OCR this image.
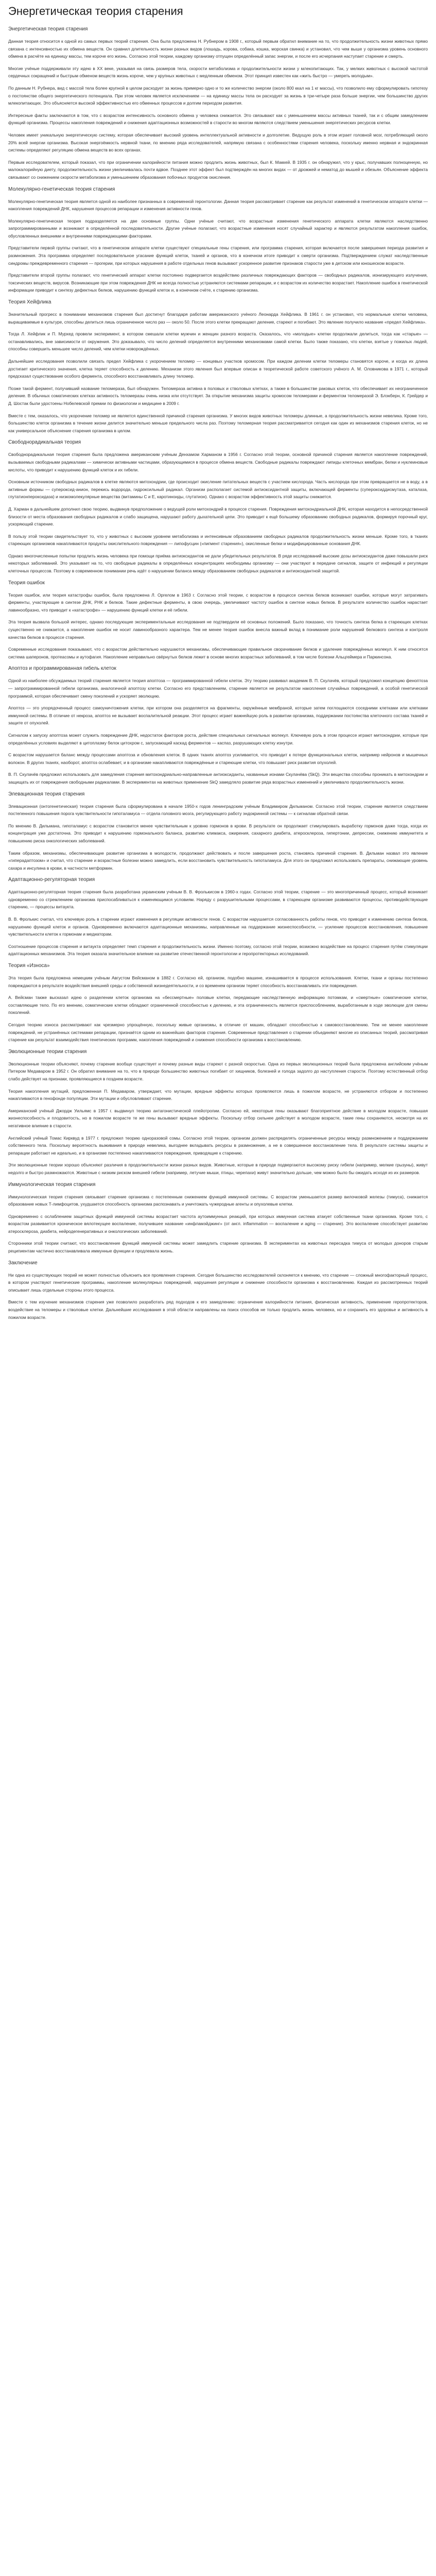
Энергетическая теория старения
Энергетическая теория старения

Данная теория относится к одной из самых первых теорий старения. Она была предложена Н. Рубнером в 1908 г., который первым обратил внимание на то, что продолжительность жизни животных прямо связана с интенсивностью их обмена веществ. Он сравнил длительность жизни разных видов (лошадь, корова, собака, кошка, морская свинка) и установил, что чем выше у организма уровень основного обмена в расчёте на единицу массы, тем короче его жизнь. Согласно этой теории, каждому организму отпущен определённый запас энергии, и после его исчерпания наступает старение и смерть.

Многие учёные поддерживали эту идею в ХХ веке, указывая на связь размеров тела, скорости метаболизма и продолжительности жизни у млекопитающих. Так, у мелких животных с высокой частотой сердечных сокращений и быстрым обменом веществ жизнь короче, чем у крупных животных с медленным обменом. Этот принцип известен как «жить быстро — умереть молодым».

По данным Н. Рубнера, вид с массой тела более крупной в целом расходует за жизнь примерно одно и то же количество энергии (около 800 ккал на 1 кг массы), что позволило ему сформулировать гипотезу о постоянстве общего энергетического потенциала. При этом человек является исключением — на единицу массы тела он расходует за жизнь в три-четыре раза больше энергии, чем большинство других млекопитающих. Это объясняется высокой эффективностью его обменных процессов и долгим периодом развития.

Интересные факты заключаются в том, что с возрастом интенсивность основного обмена у человека снижается. Это связывают как с уменьшением массы активных тканей, так и с общим замедлением функций организма. Процессы накопления повреждений и снижения адаптационных возможностей в старости во многом являются следствием уменьшения энергетических ресурсов клетки.

Человек имеет уникальную энергетическую систему, которая обеспечивает высокий уровень интеллектуальной активности и долголетие. Ведущую роль в этом играет головной мозг, потребляющий около 20% всей энергии организма. Высокая энергоёмкость нервной ткани, по мнению ряда исследователей, напрямую связана с особенностями старения человека, поскольку именно нервная и эндокринная системы определяют регуляцию обмена веществ во всех органах.

Первым исследователем, который показал, что при ограничении калорийности питания можно продлить жизнь животных, был К. Маккей. В 1935 г. он обнаружил, что у крыс, получавших полноценную, но малокалорийную диету, продолжительность жизни увеличивалась почти вдвое. Позднее этот эффект был подтверждён на многих видах — от дрожжей и нематод до мышей и обезьян. Объяснение эффекта связывают со снижением скорости метаболизма и уменьшением образования побочных продуктов окисления.

Молекулярно-генетическая теория старения

Молекулярно-генетическая теория является одной из наиболее признанных в современной геронтологии. Данная теория рассматривает старение как результат изменений в генетическом аппарате клетки — накопления повреждений ДНК, нарушения процессов репарации и изменения активности генов.

Молекулярно-генетическая теория подразделяется на две основные группы. Одни учёные считают, что возрастные изменения генетического аппарата клетки являются наследственно запрограммированными и возникают в определённой последовательности. Другие учёные полагают, что возрастные изменения носят случайный характер и являются результатом накопления ошибок, обусловленных внешними и внутренними повреждающими факторами.

Представители первой группы считают, что в генетическом аппарате клетки существуют специальные гены старения, или программа старения, которая включается после завершения периода развития и размножения. Эта программа определяет последовательное угасание функций клеток, тканей и органов, что в конечном итоге приводит к смерти организма. Подтверждением служат наследственные синдромы преждевременного старения — прогерии, при которых нарушения в работе отдельных генов вызывают ускоренное развитие признаков старости уже в детском или юношеском возрасте.

Представители второй группы полагают, что генетический аппарат клетки постоянно подвергается воздействию различных повреждающих факторов — свободных радикалов, ионизирующего излучения, токсических веществ, вирусов. Возникающие при этом повреждения ДНК не всегда полностью устраняются системами репарации, и с возрастом их количество возрастает. Накопление ошибок в генетической информации приводит к синтезу дефектных белков, нарушению функций клеток и, в конечном счёте, к старению организма.

Теория Хейфлика

Значительный прогресс в понимании механизмов старения был достигнут благодаря работам американского учёного Леонарда Хейфлика. В 1961 г. он установил, что нормальные клетки человека, выращиваемые в культуре, способны делиться лишь ограниченное число раз — около 50. После этого клетки прекращают деление, стареют и погибают. Это явление получило название «предел Хейфлика».

Тогда Л. Хейфлик и П. Мурхед провели эксперимент, в котором смешали клетки мужчин и женщин разного возраста. Оказалось, что «молодые» клетки продолжали делиться, тогда как «старые» — останавливались, вне зависимости от окружения. Это доказывало, что число делений определяется внутренними механизмами самой клетки. Было также показано, что клетки, взятые у пожилых людей, способны совершить меньшее число делений, чем клетки новорождённых.

Дальнейшие исследования позволили связать предел Хейфлика с укорочением теломер — концевых участков хромосом. При каждом делении клетки теломеры становятся короче, и когда их длина достигает критического значения, клетка теряет способность к делению. Механизм этого явления был впервые описан в теоретической работе советского учёного А. М. Оловникова в 1971 г., который предсказал существование особого фермента, способного восстанавливать длину теломер.

Позже такой фермент, получивший название теломераза, был обнаружен. Теломераза активна в половых и стволовых клетках, а также в большинстве раковых клеток, что обеспечивает их неограниченное деление. В обычных соматических клетках активность теломеразы очень низка или отсутствует. За открытие механизма защиты хромосом теломерами и ферментом теломеразой Э. Блэкберн, К. Грейдер и Д. Шостак были удостоены Нобелевской премии по физиологии и медицине в 2009 г.

Вместе с тем, оказалось, что укорочение теломер не является единственной причиной старения организма. У многих видов животных теломеры длинные, а продолжительность жизни невелика. Кроме того, большинство клеток организма в течение жизни делится значительно меньше предельного числа раз. Поэтому теломерная теория рассматривается сегодня как один из механизмов старения клеток, но не как универсальное объяснение старения организма в целом.

Свободнорадикальная теория

Свободнорадикальная теория старения была предложена американским учёным Денхамом Харманом в 1956 г. Согласно этой теории, основной причиной старения является накопление повреждений, вызываемых свободными радикалами — химически активными частицами, образующимися в процессе обмена веществ. Свободные радикалы повреждают липиды клеточных мембран, белки и нуклеиновые кислоты, что приводит к нарушению функций клеток и их гибели.

Основным источником свободных радикалов в клетке являются митохондрии, где происходит окисление питательных веществ с участием кислорода. Часть кислорода при этом превращается не в воду, а в активные формы — супероксид-анион, перекись водорода, гидроксильный радикал. Организм располагает системой антиоксидантной защиты, включающей ферменты (супероксиддисмутаза, каталаза, глутатионпероксидаза) и низкомолекулярные вещества (витамины С и Е, каротиноиды, глутатион). Однако с возрастом эффективность этой защиты снижается.

Д. Харман в дальнейшем дополнил свою теорию, выдвинув предположение о ведущей роли митохондрий в процессе старения. Повреждения митохондриальной ДНК, которая находится в непосредственной близости от места образования свободных радикалов и слабо защищена, нарушают работу дыхательной цепи. Это приводит к ещё большему образованию свободных радикалов, формируя порочный круг, ускоряющий старение.

В пользу этой теории свидетельствует то, что у животных с высоким уровнем метаболизма и интенсивным образованием свободных радикалов продолжительность жизни меньше. Кроме того, в тканях стареющих организмов накапливаются продукты окислительного повреждения — липофусцин («пигмент старения»), окисленные белки и модифицированные основания ДНК.

Однако многочисленные попытки продлить жизнь человека при помощи приёма антиоксидантов не дали убедительных результатов. В ряде исследований высокие дозы антиоксидантов даже повышали риск некоторых заболеваний. Это указывает на то, что свободные радикалы в определённых концентрациях необходимы организму — они участвуют в передаче сигналов, защите от инфекций и регуляции клеточных процессов. Поэтому в современном понимании речь идёт о нарушении баланса между образованием свободных радикалов и антиоксидантной защитой.

Теория ошибок

Теория ошибок, или теория катастрофы ошибок, была предложена Л. Оргелом в 1963 г. Согласно этой теории, с возрастом в процессе синтеза белков возникают ошибки, которые могут затрагивать ферменты, участвующие в синтезе ДНК, РНК и белков. Такие дефектные ферменты, в свою очередь, увеличивают частоту ошибок в синтезе новых белков. В результате количество ошибок нарастает лавинообразно, что приводит к «катастрофе» — нарушению функций клетки и её гибели.

Эта теория вызвала большой интерес, однако последующие экспериментальные исследования не подтвердили её основных положений. Было показано, что точность синтеза белка в стареющих клетках существенно не снижается, а накопление ошибок не носит лавинообразного характера. Тем не менее теория ошибок внесла важный вклад в понимание роли нарушений белкового синтеза и контроля качества белков в процессе старения.

Современные исследования показывают, что с возрастом действительно нарушаются механизмы, обеспечивающие правильное сворачивание белков и удаление повреждённых молекул. К ним относятся система шаперонов, протеасомы и аутофагия. Накопление неправильно свёрнутых белков лежит в основе многих возрастных заболеваний, в том числе болезни Альцгеймера и Паркинсона.

Апоптоз и программированная гибель клеток

Одной из наиболее обсуждаемых теорий старения является теория апоптоза — программированной гибели клеток. Эту теорию развивал академик В. П. Скулачёв, который предложил концепцию феноптоза — запрограммированной гибели организма, аналогичной апоптозу клетки. Согласно его представлениям, старение является не результатом накопления случайных повреждений, а особой генетической программой, которая обеспечивает смену поколений и ускоряет эволюцию.

Апоптоз — это упорядоченный процесс самоуничтожения клетки, при котором она разделяется на фрагменты, окружённые мембраной, которые затем поглощаются соседними клетками или клетками иммунной системы. В отличие от некроза, апоптоз не вызывает воспалительной реакции. Этот процесс играет важнейшую роль в развитии организма, поддержании постоянства клеточного состава тканей и защите от опухолей.

Сигналом к запуску апоптоза может служить повреждение ДНК, недостаток факторов роста, действие специальных сигнальных молекул. Ключевую роль в этом процессе играют митохондрии, которые при определённых условиях выделяют в цитоплазму белок цитохром с, запускающий каскад ферментов — каспаз, разрушающих клетку изнутри.

С возрастом нарушается баланс между процессами апоптоза и обновления клеток. В одних тканях апоптоз усиливается, что приводит к потере функциональных клеток, например нейронов и мышечных волокон. В других тканях, наоборот, апоптоз ослабевает, и в организме накапливаются повреждённые и стареющие клетки, что повышает риск развития опухолей.

В. П. Скулачёв предложил использовать для замедления старения митохондриально-направленные антиоксиданты, названные ионами Скулачёва (SkQ). Эти вещества способны проникать в митохондрии и защищать их от повреждения свободными радикалами. В экспериментах на животных применение SkQ замедляло развитие ряда возрастных изменений и увеличивало продолжительность жизни.

Элевационная теория старения

Элевационная (онтогенетическая) теория старения была сформулирована в начале 1950-х годов ленинградским учёным Владимиром Дильманом. Согласно этой теории, старение является следствием постепенного повышения порога чувствительности гипоталамуса — отдела головного мозга, регулирующего работу эндокринной системы — к сигналам обратной связи.

По мнению В. Дильмана, гипоталамус с возрастом становится менее чувствительным к уровню гормонов в крови. В результате он продолжает стимулировать выработку гормонов даже тогда, когда их концентрация уже достаточна. Это приводит к нарушению гормонального баланса, развитию климакса, ожирения, сахарного диабета, атеросклероза, гипертонии, депрессии, снижению иммунитета и повышению риска онкологических заболеваний.

Таким образом, механизмы, обеспечивающие развитие организма в молодости, продолжают действовать и после завершения роста, становясь причиной старения. В. Дильман назвал это явление «гиперадаптозом» и считал, что старение и возрастные болезни можно замедлить, если восстановить чувствительность гипоталамуса. Для этого он предложил использовать препараты, снижающие уровень сахара и инсулина в крови, в частности метформин.

Адаптационно-регуляторная теория

Адаптационно-регуляторная теория старения была разработана украинским учёным В. В. Фролькисом в 1960-х годах. Согласно этой теории, старение — это многопричинный процесс, который возникает одновременно со стремлением организма приспосабливаться к изменяющимся условиям. Наряду с разрушительными процессами, в стареющем организме развиваются процессы, противодействующие старению, — процессы витаукта.

В. В. Фролькис считал, что ключевую роль в старении играют изменения в регуляции активности генов. С возрастом нарушается согласованность работы генов, что приводит к изменению синтеза белков, нарушению функций клеток и органов. Одновременно включаются адаптационные механизмы, направленные на поддержание жизнеспособности, — усиление процессов восстановления, повышение чувствительности клеток к гормонам и медиаторам.

Соотношение процессов старения и витаукта определяет темп старения и продолжительность жизни. Именно поэтому, согласно этой теории, возможно воздействие на процесс старения путём стимуляции адаптационных механизмов. Эта теория оказала значительное влияние на развитие отечественной геронтологии и геропротекторных исследований.

Теория «Износа»

Эта теория была предложена немецким учёным Августом Вейсманом в 1882 г. Согласно ей, организм, подобно машине, изнашивается в процессе использования. Клетки, ткани и органы постепенно повреждаются в результате воздействия внешней среды и собственной жизнедеятельности, и со временем организм теряет способность восстанавливать эти повреждения.

А. Вейсман также высказал идею о разделении клеток организма на «бессмертные» половые клетки, передающие наследственную информацию потомкам, и «смертные» соматические клетки, составляющие тело. По его мнению, соматические клетки обладают ограниченной способностью к делению, и эта ограниченность является приспособлением, выработанным в ходе эволюции для смены поколений.

Сегодня теорию износа рассматривают как чрезмерно упрощённую, поскольку живые организмы, в отличие от машин, обладают способностью к самовосстановлению. Тем не менее накопление повреждений, не устранённых системами репарации, признаётся одним из важнейших факторов старения. Современные представления о старении объединяют многие из описанных теорий, рассматривая старение как результат взаимодействия генетических программ, накопления повреждений и снижения способности организма к восстановлению.

Эволюционные теории старения

Эволюционные теории объясняют, почему старение вообще существует и почему разные виды стареют с разной скоростью. Одна из первых эволюционных теорий была предложена английским учёным Питером Медаваром в 1952 г. Он обратил внимание на то, что в природе большинство животных погибает от хищников, болезней и голода задолго до наступления старости. Поэтому естественный отбор слабо действует на признаки, проявляющиеся в позднем возрасте.

Теория накопления мутаций, предложенная П. Медаваром, утверждает, что мутации, вредные эффекты которых проявляются лишь в пожилом возрасте, не устраняются отбором и постепенно накапливаются в генофонде популяции. Эти мутации и обусловливают старение.

Американский учёный Джордж Уильямс в 1957 г. выдвинул теорию антагонистической плейотропии. Согласно ей, некоторые гены оказывают благоприятное действие в молодом возрасте, повышая жизнеспособность и плодовитость, но в пожилом возрасте те же гены вызывают вредные эффекты. Поскольку отбор сильнее действует в молодом возрасте, такие гены сохраняются, несмотря на их негативное влияние в старости.

Английский учёный Томас Кирквуд в 1977 г. предложил теорию одноразовой сомы. Согласно этой теории, организм должен распределять ограниченные ресурсы между размножением и поддержанием собственного тела. Поскольку вероятность выживания в природе невелика, выгоднее вкладывать ресурсы в размножение, а не в совершенное восстановление тела. В результате системы защиты и репарации работают не идеально, и в организме постепенно накапливаются повреждения, приводящие к старению.

Эти эволюционные теории хорошо объясняют различия в продолжительности жизни разных видов. Животные, которые в природе подвергаются высокому риску гибели (например, мелкие грызуны), живут недолго и быстро размножаются. Животные с низким риском внешней гибели (например, летучие мыши, птицы, черепахи) живут значительно дольше, чем можно было бы ожидать исходя из их размеров.

Иммунологическая теория старения

Иммунологическая теория старения связывает старение организма с постепенным снижением функций иммунной системы. С возрастом уменьшается размер вилочковой железы (тимуса), снижается образование новых Т-лимфоцитов, ухудшается способность организма распознавать и уничтожать чужеродные агенты и опухолевые клетки.

Одновременно с ослаблением защитных функций иммунной системы возрастает частота аутоиммунных реакций, при которых иммунная система атакует собственные ткани организма. Кроме того, с возрастом развивается хроническое вялотекущее воспаление, получившее название «инфламэйджинг» (от англ. inflammation — воспаление и aging — старение). Это воспаление способствует развитию атеросклероза, диабета, нейродегенеративных и онкологических заболеваний.

Сторонники этой теории считают, что восстановление функций иммунной системы может замедлить старение организма. В экспериментах на животных пересадка тимуса от молодых доноров старым реципиентам частично восстанавливала иммунные функции и продлевала жизнь.

Заключение

Ни одна из существующих теорий не может полностью объяснить все проявления старения. Сегодня большинство исследователей склоняется к мнению, что старение — сложный многофакторный процесс, в котором участвуют генетические программы, накопление молекулярных повреждений, нарушения регуляции и снижение способности организма к восстановлению. Каждая из рассмотренных теорий описывает лишь отдельные стороны этого процесса.

Вместе с тем изучение механизмов старения уже позволило разработать ряд подходов к его замедлению: ограничение калорийности питания, физическая активность, применение геропротекторов, воздействие на теломеры и стволовые клетки. Дальнейшие исследования в этой области направлены на поиск способов не только продлить жизнь человека, но и сохранить его здоровье и активность в пожилом возрасте.
